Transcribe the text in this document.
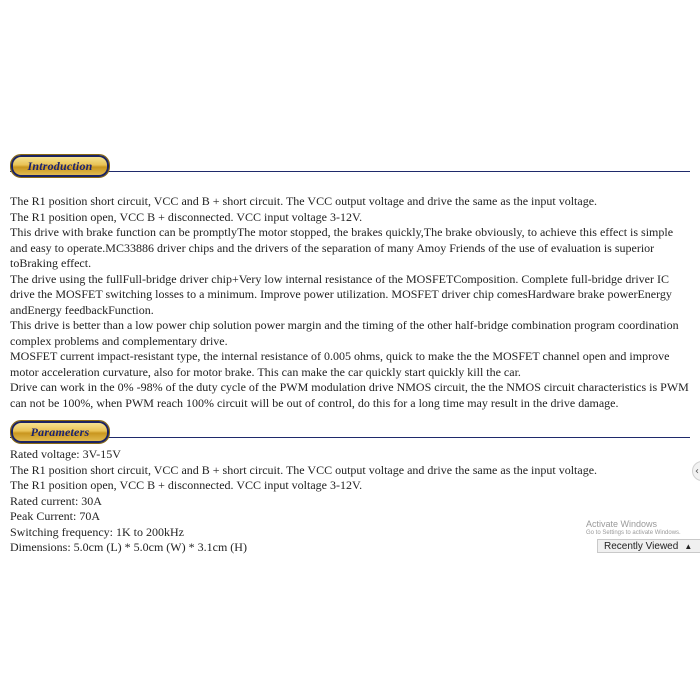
Introduction

The R1 position short circuit, VCC and B + short circuit. The VCC output voltage and drive the same as the input voltage.

The R1 position open, VCC B + disconnected. VCC input voltage 3-12V.

This drive with brake function can be promptlyThe motor stopped, the brakes quickly,The brake obviously, to achieve this effect is simple and easy to operate.MC33886 driver chips and the drivers of the separation of many Amoy Friends of the use of evaluation is superior toBraking effect.

The drive using the fullFull-bridge driver chip+Very low internal resistance of the MOSFETComposition. Complete full-bridge driver IC drive the MOSFET switching losses to a minimum. Improve power utilization. MOSFET driver chip comesHardware brake powerEnergy andEnergy feedbackFunction.

This drive is better than a low power chip solution power margin and the timing of the other half-bridge combination program coordination complex problems and complementary drive.

MOSFET current impact-resistant type, the internal resistance of 0.005 ohms, quick to make the the MOSFET channel open and improve motor acceleration curvature, also for motor brake. This can make the car quickly start quickly kill the car.

Drive can work in the 0% -98% of the duty cycle of the PWM modulation drive NMOS circuit, the the NMOS circuit characteristics is PWM can not be 100%, when PWM reach 100% circuit will be out of control, do this for a long time may result in the drive damage.

Parameters

Rated voltage: 3V-15V

The R1 position short circuit, VCC and B + short circuit. The VCC output voltage and drive the same as the input voltage.

The R1 position open, VCC B + disconnected. VCC input voltage 3-12V.

Rated current: 30A

Peak Current: 70A

Switching frequency: 1K to 200kHz

Dimensions: 5.0cm (L) * 5.0cm (W) * 3.1cm (H)

‹
Activate Windows
Go to Settings to activate Windows.
Recently Viewed ▲
